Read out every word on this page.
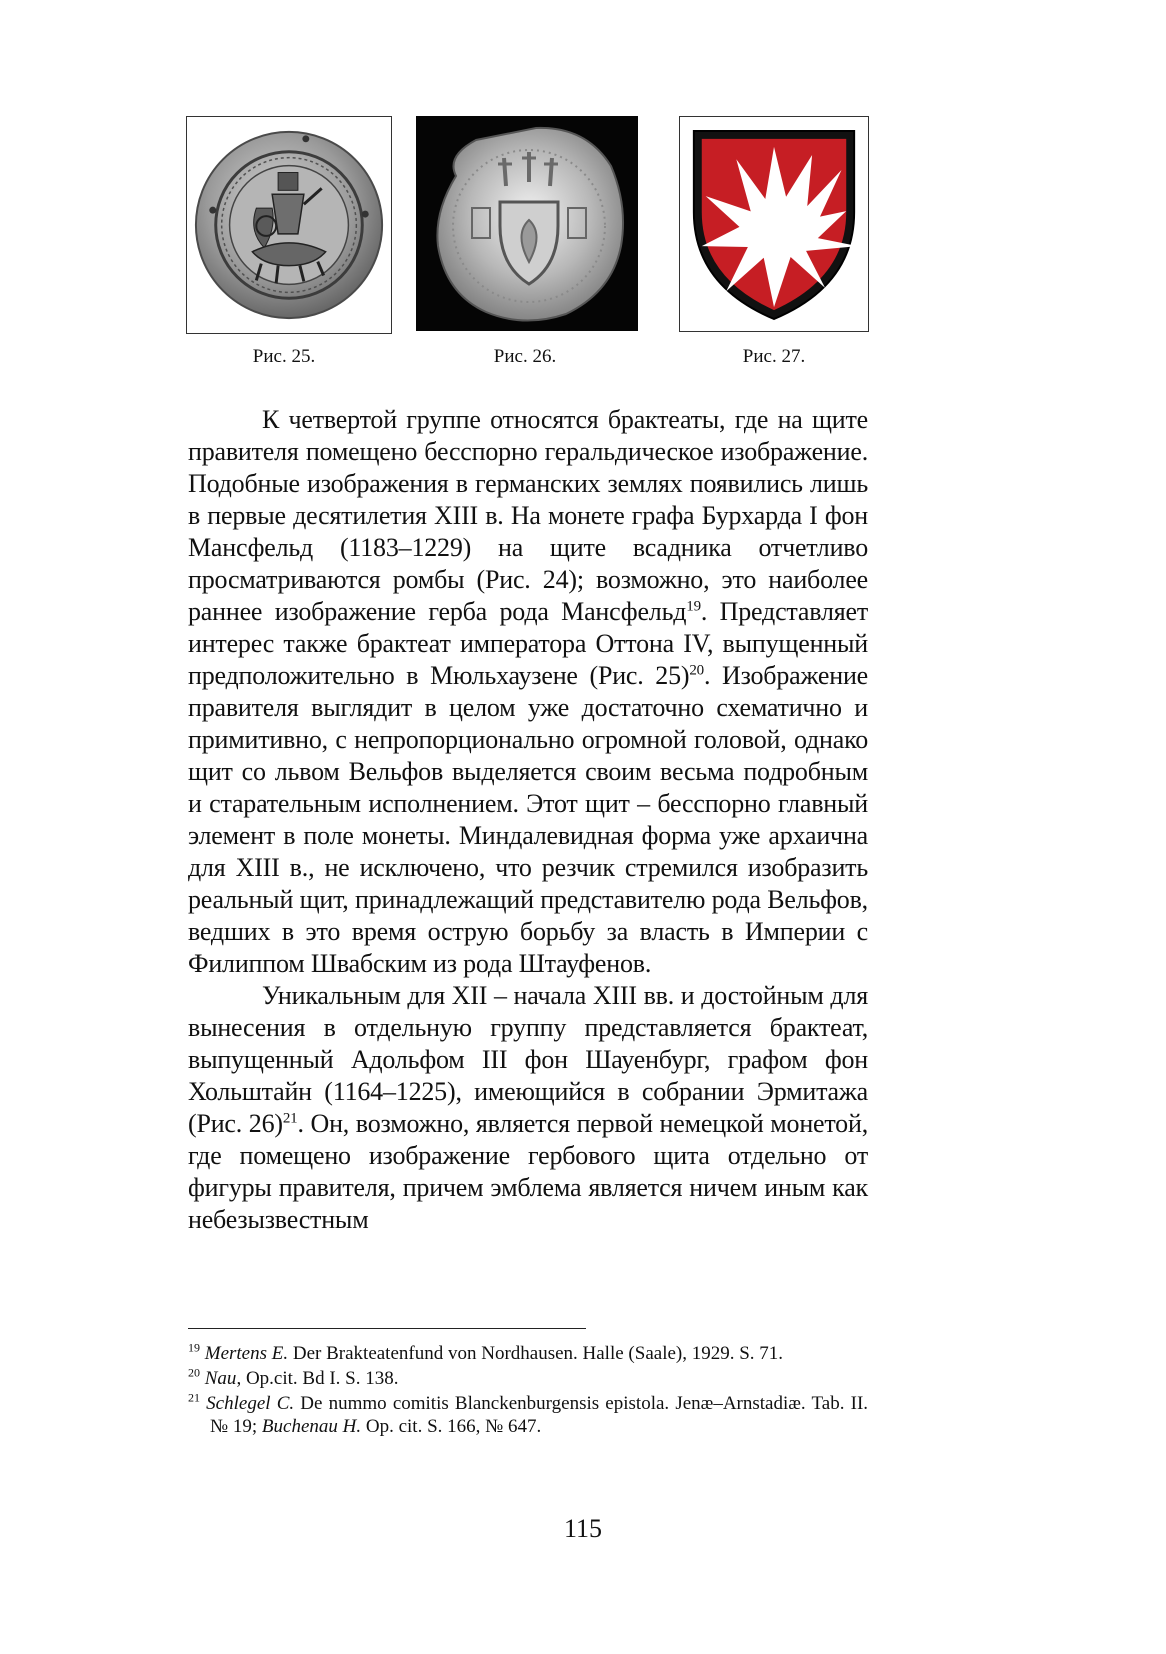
Рис. 25.	Рис. 26.	Рис. 27.

К четвертой группе относятся брактеаты, где на щите правителя помещено бесспорно геральдическое изображение. Подобные изображения в германских землях появились лишь в первые десятилетия XIII в. На монете графа Бурхарда I фон Мансфельд (1183–1229) на щите всадника отчетливо просматриваются ромбы (Рис. 24); возможно, это наиболее раннее изображение герба рода Мансфельд$^{19}$. Представляет интерес также брактеат императора Оттона IV, выпущенный предположительно в Мюльхаузене (Рис. 25)$^{20}$. Изображение правителя выглядит в целом уже достаточно схематично и примитивно, с непропорционально огромной головой, однако щит со львом Вельфов выделяется своим весьма подробным и старательным исполнением. Этот щит – бесспорно главный элемент в поле монеты. Миндалевидная форма уже архаична для XIII в., не исключено, что резчик стремился изобразить реальный щит, принадлежащий представителю рода Вельфов, ведших в это время острую борьбу за власть в Империи с Филиппом Швабским из рода Штауфенов.

Уникальным для XII – начала XIII вв. и достойным для вынесения в отдельную группу представляется брактеат, выпущенный Адольфом III фон Шауенбург, графом фон Хольштайн (1164–1225), имеющийся в собрании Эрмитажа (Рис. 26)$^{21}$. Он, возможно, является первой немецкой монетой, где помещено изображение гербового щита отдельно от фигуры правителя, причем эмблема является ничем иным как небезызвестным

$^{19}$ Mertens E. Der Brakteatenfund von Nordhausen. Halle (Saale), 1929. S. 71.
$^{20}$ Nau, Op.cit. Bd I. S. 138.
$^{21}$ Schlegel C. De nummo comitis Blanckenburgensis epistola. Jenæ–Arnstadiæ. Tab. II. № 19; Buchenau H. Op. cit. S. 166, № 647.
115
